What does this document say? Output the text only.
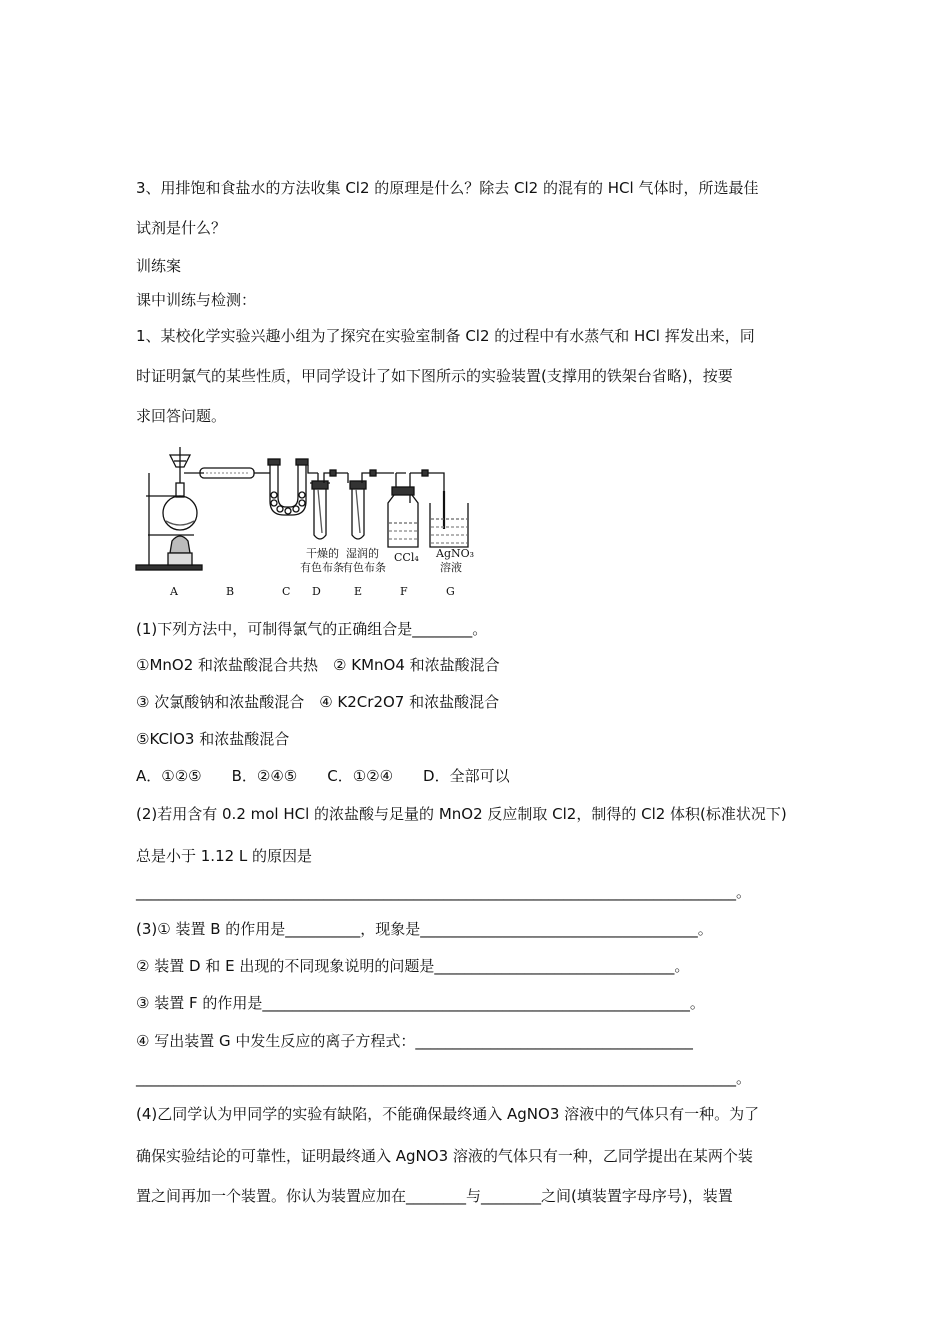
3、用排饱和食盐水的方法收集 Cl2 的原理是什么？除去 Cl2 的混有的 HCl 气体时，所选最佳
试剂是什么？
训练案
课中训练与检测：
1、某校化学实验兴趣小组为了探究在实验室制备 Cl2 的过程中有水蒸气和 HCl 挥发出来，同
时证明氯气的某些性质，甲同学设计了如下图所示的实验装置(支撑用的铁架台省略)，按要
求回答问题。
干燥的
有色布条
湿润的
有色布条
CCl₄ AgNO₃
溶液
A	B	C D	E	F	G
(1)下列方法中，可制得氯气的正确组合是________。
①MnO2 和浓盐酸混合共热　② KMnO4 和浓盐酸混合
③ 次氯酸钠和浓盐酸混合　④ K2Cr2O7 和浓盐酸混合
⑤KClO3 和浓盐酸混合
A．①②⑤　　B．②④⑤　　C．①②④　　D．全部可以
(2)若用含有 0.2 mol HCl 的浓盐酸与足量的 MnO2 反应制取 Cl2，制得的 Cl2 体积(标准状况下)
总是小于 1.12 L 的原因是
________________________________________________________________________________。
(3)① 装置 B 的作用是__________，现象是_____________________________________。
② 装置 D 和 E 出现的不同现象说明的问题是________________________________。
③ 装置 F 的作用是_________________________________________________________。
④ 写出装置 G 中发生反应的离子方程式：_____________________________________
________________________________________________________________________________。
(4)乙同学认为甲同学的实验有缺陷，不能确保最终通入 AgNO3 溶液中的气体只有一种。为了
确保实验结论的可靠性，证明最终通入 AgNO3 溶液的气体只有一种，乙同学提出在某两个装
置之间再加一个装置。你认为装置应加在________与________之间(填装置字母序号)，装置
